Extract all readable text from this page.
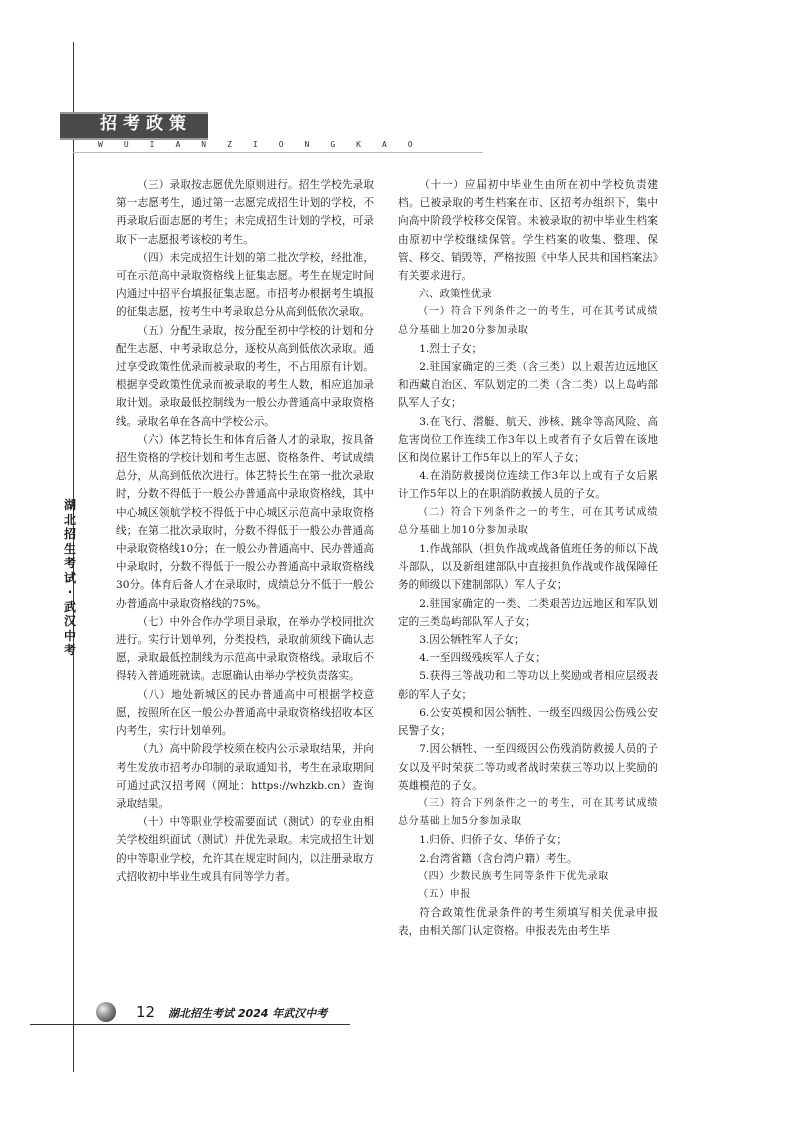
招考政策
WUIANZIONGKAO

（三）录取按志愿优先原则进行。招生学校先录取第一志愿考生，通过第一志愿完成招生计划的学校，不再录取后面志愿的考生；未完成招生计划的学校，可录取下一志愿报考该校的考生。

（四）未完成招生计划的第二批次学校，经批准，可在示范高中录取资格线上征集志愿。考生在规定时间内通过中招平台填报征集志愿。市招考办根据考生填报的征集志愿，按考生中考录取总分从高到低依次录取。

（五）分配生录取，按分配至初中学校的计划和分配生志愿、中考录取总分，逐校从高到低依次录取。通过享受政策性优录而被录取的考生，不占用原有计划。根据享受政策性优录而被录取的考生人数，相应追加录取计划。录取最低控制线为一般公办普通高中录取资格线。录取名单在各高中学校公示。

（六）体艺特长生和体育后备人才的录取，按具备招生资格的学校计划和考生志愿、资格条件、考试成绩总分，从高到低依次进行。体艺特长生在第一批次录取时，分数不得低于一般公办普通高中录取资格线，其中中心城区领航学校不得低于中心城区示范高中录取资格线；在第二批次录取时，分数不得低于一般公办普通高中录取资格线10分；在一般公办普通高中、民办普通高中录取时，分数不得低于一般公办普通高中录取资格线30分。体育后备人才在录取时，成绩总分不低于一般公办普通高中录取资格线的75%。

（七）中外合作办学项目录取，在举办学校同批次进行。实行计划单列，分类投档，录取前须线下确认志愿，录取最低控制线为示范高中录取资格线。录取后不得转入普通班就读。志愿确认由举办学校负责落实。

（八）地处新城区的民办普通高中可根据学校意愿，按照所在区一般公办普通高中录取资格线招收本区内考生，实行计划单列。

（九）高中阶段学校须在校内公示录取结果，并向考生发放市招考办印制的录取通知书，考生在录取期间可通过武汉招考网（网址：https://whzkb.cn）查询录取结果。

（十）中等职业学校需要面试（测试）的专业由相关学校组织面试（测试）并优先录取。未完成招生计划的中等职业学校，允许其在规定时间内，以注册录取方式招收初中毕业生或具有同等学力者。

（十一）应届初中毕业生由所在初中学校负责建档。已被录取的考生档案在市、区招考办组织下，集中向高中阶段学校移交保管。未被录取的初中毕业生档案由原初中学校继续保管。学生档案的收集、整理、保管、移交、销毁等，严格按照《中华人民共和国档案法》有关要求进行。

六、政策性优录

（一）符合下列条件之一的考生，可在其考试成绩总分基础上加20分参加录取

1.烈士子女；

2.驻国家确定的三类（含三类）以上艰苦边远地区和西藏自治区、军队划定的二类（含二类）以上岛屿部队军人子女；

3.在飞行、潜艇、航天、涉核、跳伞等高风险、高危害岗位工作连续工作3年以上或者有子女后曾在该地区和岗位累计工作5年以上的军人子女；

4.在消防救援岗位连续工作3年以上或有子女后累计工作5年以上的在职消防救援人员的子女。

（二）符合下列条件之一的考生，可在其考试成绩总分基础上加10分参加录取

1.作战部队（担负作战或战备值班任务的师以下战斗部队，以及新组建部队中直接担负作战或作战保障任务的师级以下建制部队）军人子女；

2.驻国家确定的一类、二类艰苦边远地区和军队划定的三类岛屿部队军人子女；

3.因公牺牲军人子女；

4.一至四级残疾军人子女；

5.获得三等战功和二等功以上奖励或者相应层级表彰的军人子女；

6.公安英模和因公牺牲、一级至四级因公伤残公安民警子女；

7.因公牺牲、一至四级因公伤残消防救援人员的子女以及平时荣获二等功或者战时荣获三等功以上奖励的英雄模范的子女。

（三）符合下列条件之一的考生，可在其考试成绩总分基础上加5分参加录取

1.归侨、归侨子女、华侨子女；

2.台湾省籍（含台湾户籍）考生。

（四）少数民族考生同等条件下优先录取

（五）申报

符合政策性优录条件的考生须填写相关优录申报表，由相关部门认定资格。申报表先由考生毕

湖北招生考试·武汉中考
12 湖北招生考试 2024 年武汉中考
